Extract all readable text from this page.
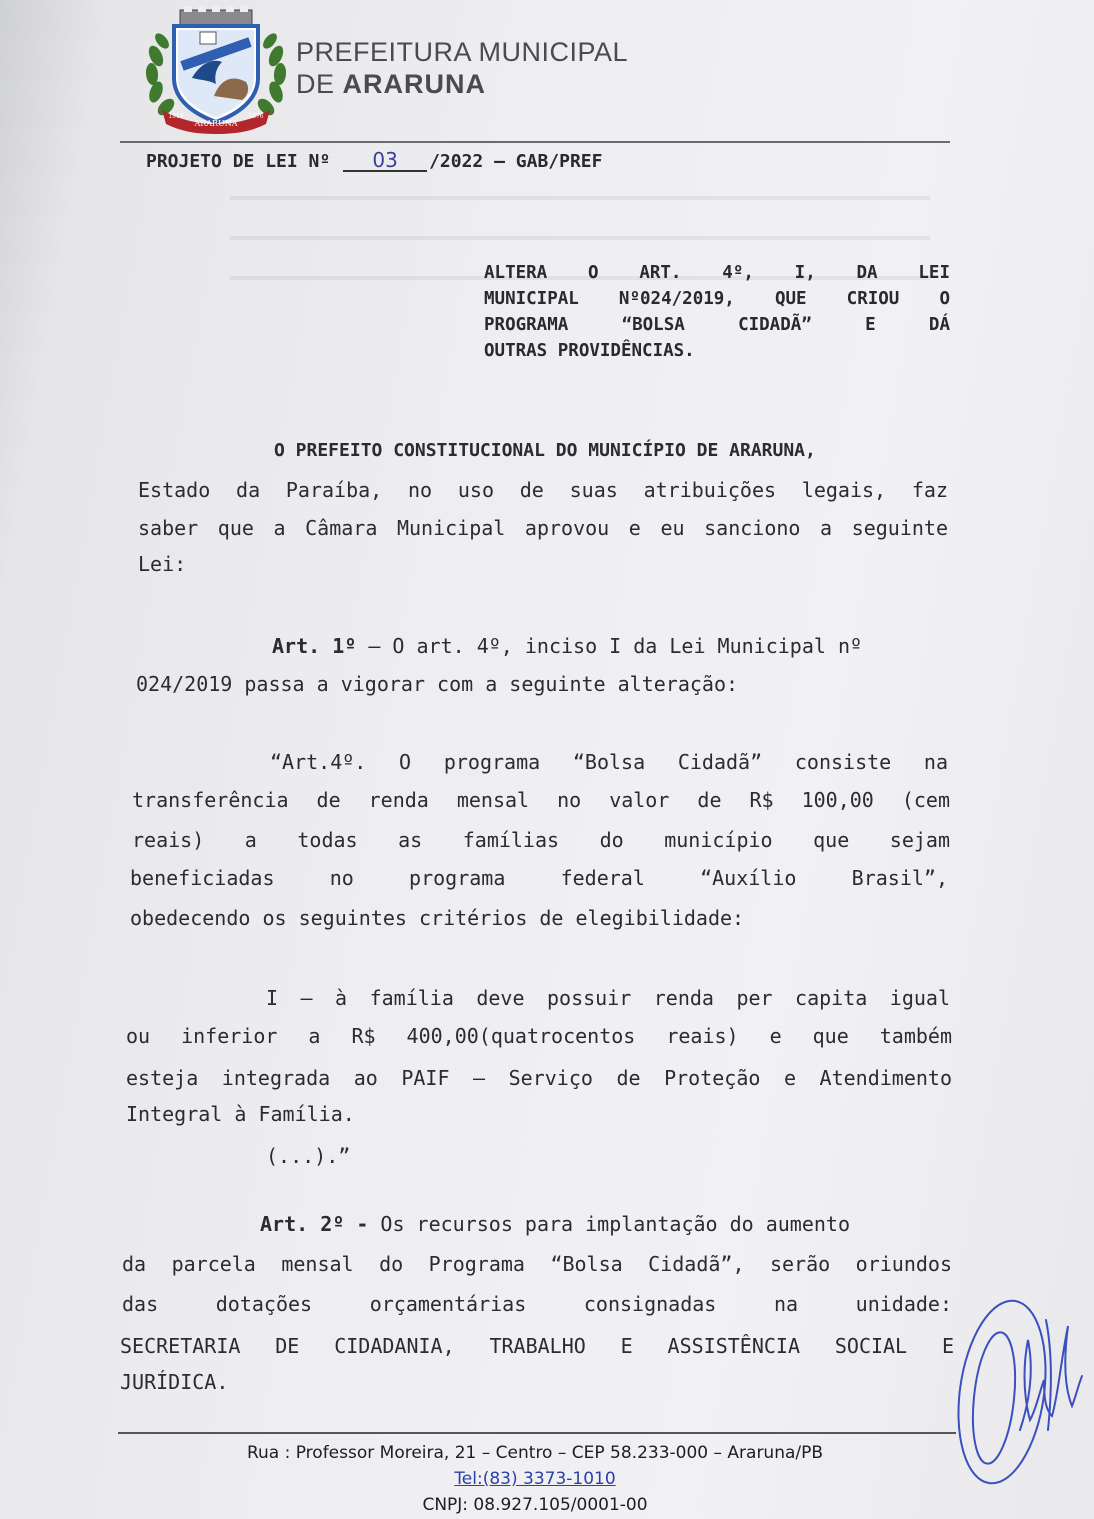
ARARUNA
1914	1876
PREFEITURA MUNICIPAL
DE ARARUNA
PROJETO DE LEI Nº 03 /2022 – GAB/PREF
ALTERA O ART. 4º, I, DA LEI
MUNICIPAL Nº024/2019, QUE CRIOU O
PROGRAMA “BOLSA CIDADÃ” E DÁ
OUTRAS PROVIDÊNCIAS.
O PREFEITO CONSTITUCIONAL DO MUNICÍPIO DE ARARUNA,
Estado da Paraíba, no uso de suas atribuições legais, faz
saber que a Câmara Municipal aprovou e eu sanciono a seguinte
Lei:
Art. 1º – O art. 4º, inciso I da Lei Municipal nº
024/2019 passa a vigorar com a seguinte alteração:
“Art.4º. O programa “Bolsa Cidadã” consiste na
transferência de renda mensal no valor de R$ 100,00 (cem
reais) a todas as famílias do município que sejam
beneficiadas no programa federal “Auxílio Brasil”,
obedecendo os seguintes critérios de elegibilidade:
I – à família deve possuir renda per capita igual
ou inferior a R$ 400,00(quatrocentos reais) e que também
esteja integrada ao PAIF – Serviço de Proteção e Atendimento
Integral à Família.
(...).”
Art. 2º - Os recursos para implantação do aumento
da parcela mensal do Programa “Bolsa Cidadã”, serão oriundos
das dotações orçamentárias consignadas na unidade:
SECRETARIA DE CIDADANIA, TRABALHO E ASSISTÊNCIA SOCIAL E
JURÍDICA.
Rua : Professor Moreira, 21 – Centro – CEP 58.233-000 – Araruna/PB
Tel:(83) 3373-1010
CNPJ: 08.927.105/0001-00
